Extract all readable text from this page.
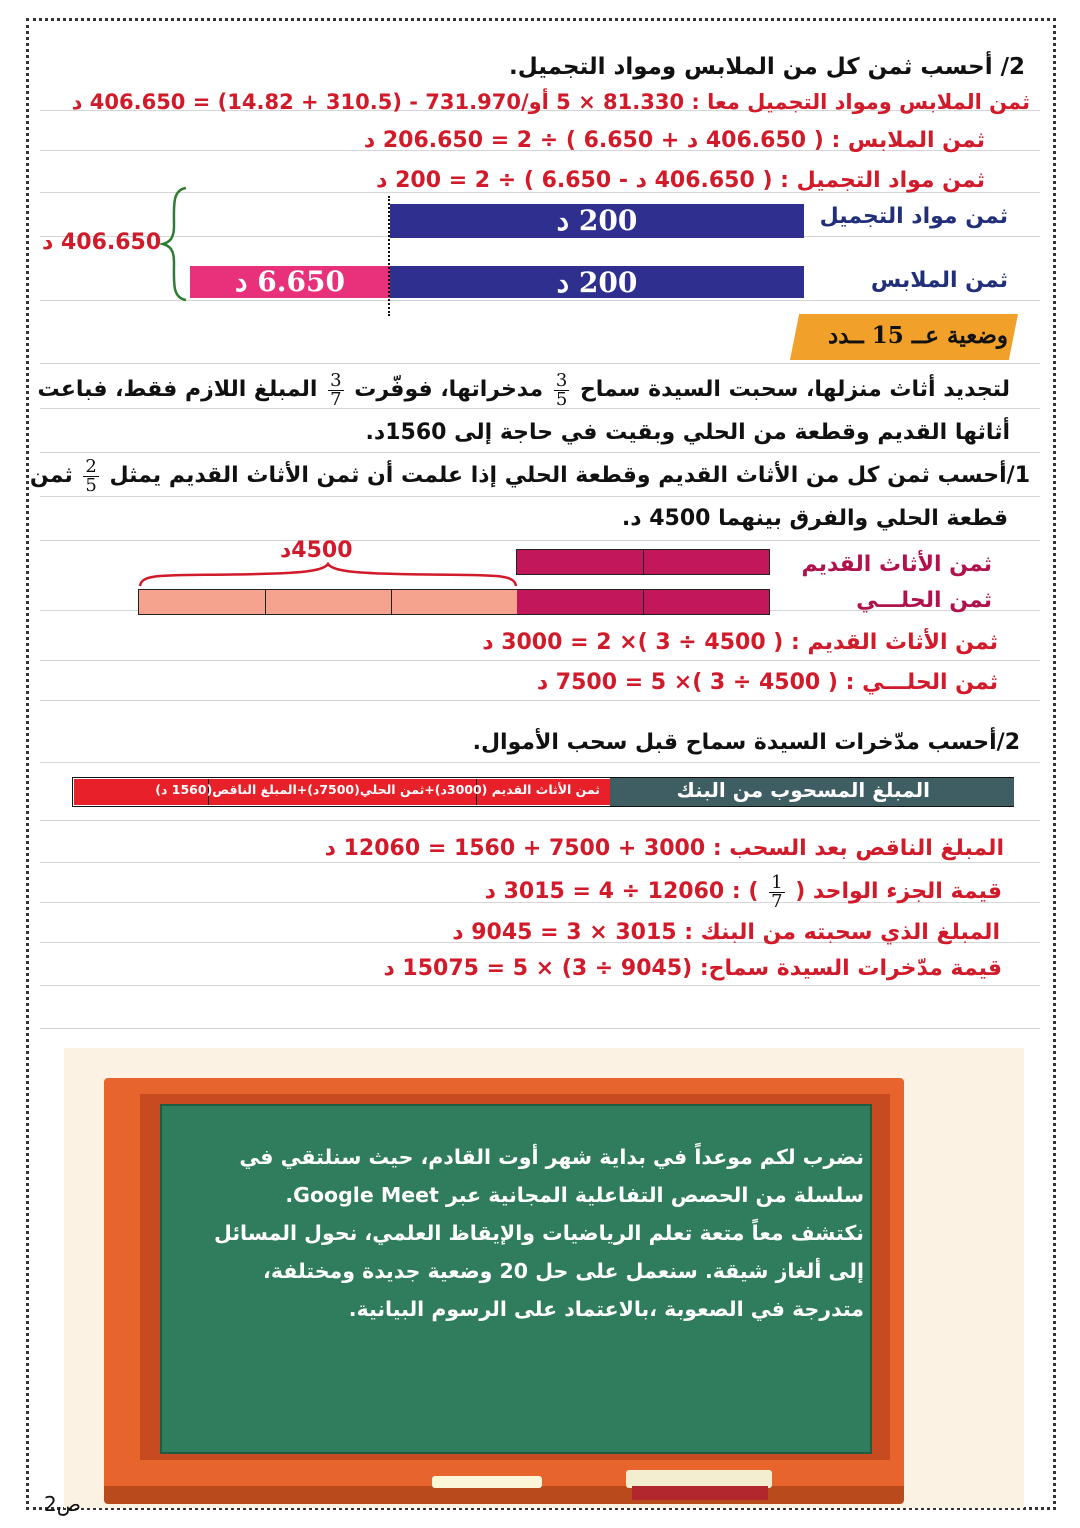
2/ أحسب ثمن كل من الملابس ومواد التجميل.
ثمن الملابس ومواد التجميل معا : 81.330 × 5 أو/731.970 - (310.5 + 14.82) = 406.650 د
ثمن الملابس : ( 406.650 د + 6.650 ) ÷ 2 = 206.650 د
ثمن مواد التجميل : ( 406.650 د - 6.650 ) ÷ 2 = 200 د
ثمن مواد التجميل
200 د
ثمن الملابس
200 د
6.650 د
406.650 د
وضعية عــ 15 ــدد
لتجديد أثاث منزلها، سحبت السيدة سماح
$\frac{3}{5}$
مدخراتها، فوفّرت
$\frac{3}{7}$
المبلغ اللازم فقط، فباعت
أثاثها القديم وقطعة من الحلي وبقيت في حاجة إلى 1560د.
1/أحسب ثمن كل من الأثاث القديم وقطعة الحلي إذا علمت أن ثمن الأثاث القديم يمثل
$\frac{2}{5}$
ثمن
قطعة الحلي والفرق بينهما 4500 د.
4500د
ثمن الأثاث القديم
ثمن الحلـــي
ثمن الأثاث القديم : ( 4500 ÷ 3 )× 2 = 3000 د
ثمن الحلـــي : ( 4500 ÷ 3 )× 5 = 7500 د
2/أحسب مدّخرات السيدة سماح قبل سحب الأموال.
المبلغ المسحوب من البنك
ثمن الأثاث القديم (3000د)+ثمن الحلي(7500د)+المبلغ الناقص(1560 د)
المبلغ الناقص بعد السحب : 3000 + 7500 + 1560 = 12060 د
قيمة الجزء الواحد (
$\frac{1}{7}$
) : 12060 ÷ 4 = 3015 د
المبلغ الذي سحبته من البنك : 3015 × 3 = 9045 د
قيمة مدّخرات السيدة سماح: (9045 ÷ 3) × 5 = 15075 د
نضرب لكم موعداً في بداية شهر أوت القادم، حيث سنلتقي في
سلسلة من الحصص التفاعلية المجانية عبر Google Meet.
نكتشف معاً متعة تعلم الرياضيات والإيقاظ العلمي، نحول المسائل
إلى ألغاز شيقة. سنعمل على حل 20 وضعية جديدة ومختلفة،
متدرجة في الصعوبة ،بالاعتماد على الرسوم البيانية.
ص2
